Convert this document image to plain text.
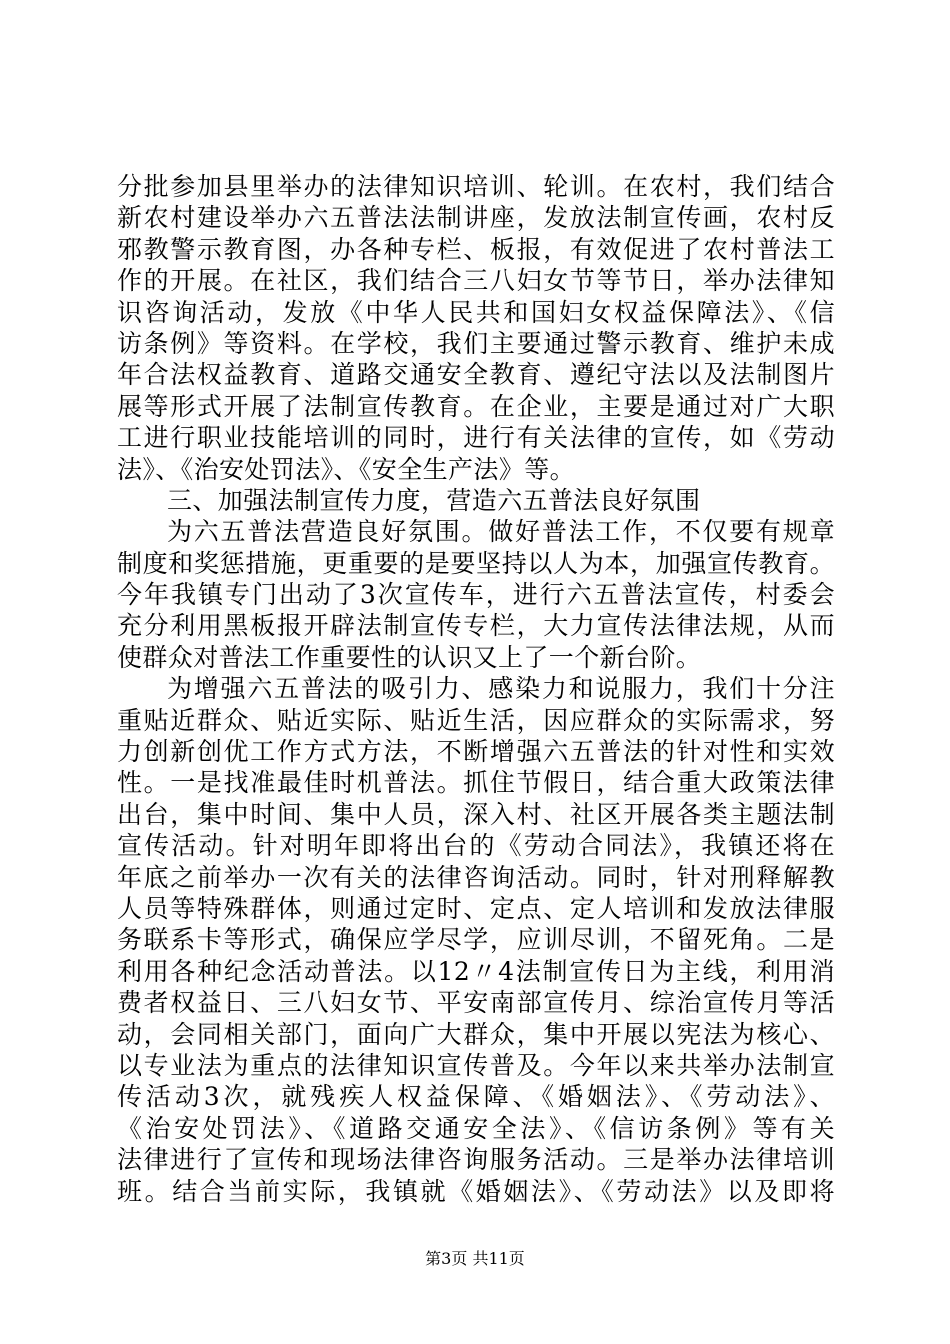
分批参加县里举办的法律知识培训、轮训。在农村，我们结合
新农村建设举办六五普法法制讲座，发放法制宣传画，农村反
邪教警示教育图，办各种专栏、板报，有效促进了农村普法工
作的开展。在社区，我们结合三八妇女节等节日，举办法律知
识咨询活动，发放《中华人民共和国妇女权益保障法》、《信
访条例》等资料。在学校，我们主要通过警示教育、维护未成
年合法权益教育、道路交通安全教育、遵纪守法以及法制图片
展等形式开展了法制宣传教育。在企业，主要是通过对广大职
工进行职业技能培训的同时，进行有关法律的宣传，如《劳动
法》、《治安处罚法》、《安全生产法》等。
三、加强法制宣传力度，营造六五普法良好氛围
为六五普法营造良好氛围。做好普法工作，不仅要有规章
制度和奖惩措施，更重要的是要坚持以人为本，加强宣传教育。
今年我镇专门出动了3次宣传车，进行六五普法宣传，村委会
充分利用黑板报开辟法制宣传专栏，大力宣传法律法规，从而
使群众对普法工作重要性的认识又上了一个新台阶。
为增强六五普法的吸引力、感染力和说服力，我们十分注
重贴近群众、贴近实际、贴近生活，因应群众的实际需求，努
力创新创优工作方式方法，不断增强六五普法的针对性和实效
性。一是找准最佳时机普法。抓住节假日，结合重大政策法律
出台，集中时间、集中人员，深入村、社区开展各类主题法制
宣传活动。针对明年即将出台的《劳动合同法》，我镇还将在
年底之前举办一次有关的法律咨询活动。同时，针对刑释解教
人员等特殊群体，则通过定时、定点、定人培训和发放法律服
务联系卡等形式，确保应学尽学，应训尽训，不留死角。二是
利用各种纪念活动普法。以12〃4法制宣传日为主线，利用消
费者权益日、三八妇女节、平安南部宣传月、综治宣传月等活
动，会同相关部门，面向广大群众，集中开展以宪法为核心、
以专业法为重点的法律知识宣传普及。今年以来共举办法制宣
传活动3次，就残疾人权益保障、《婚姻法》、《劳动法》、
《治安处罚法》、《道路交通安全法》、《信访条例》等有关
法律进行了宣传和现场法律咨询服务活动。三是举办法律培训
班。结合当前实际，我镇就《婚姻法》、《劳动法》以及即将
第3页 共11页
